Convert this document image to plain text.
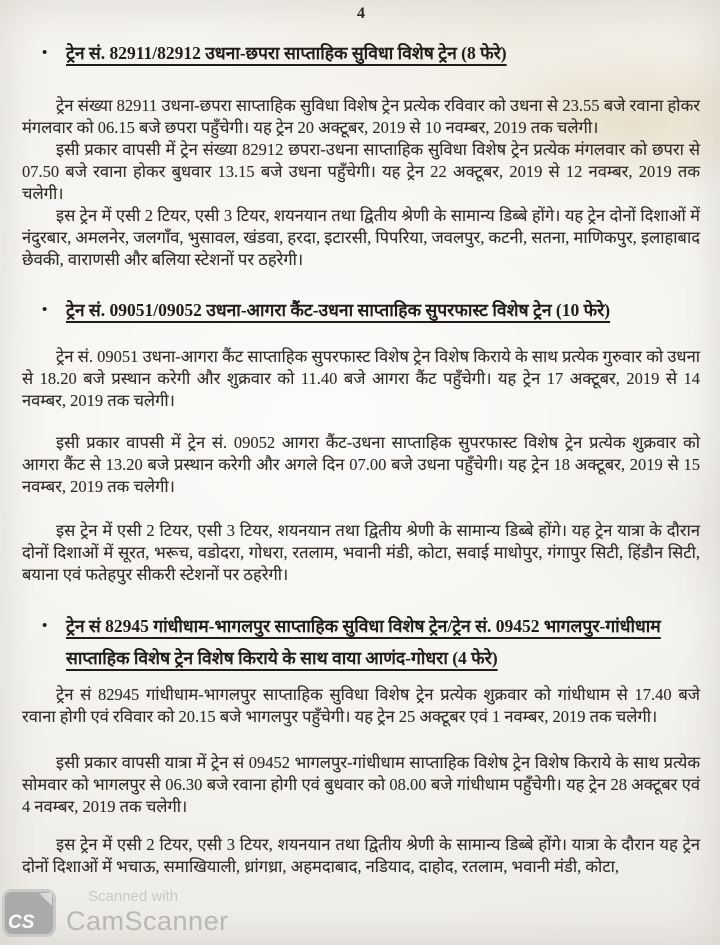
CS
Scanned with
CamScanner
4
•	ट्रेन सं. 82911/82912 उधना-छपरा साप्ताहिक सुविधा विशेष ट्रेन (8 फेरे)

ट्रेन संख्या 82911 उधना-छपरा साप्ताहिक सुविधा विशेष ट्रेन प्रत्येक रविवार को उधना से 23.55 बजे रवाना होकर मंगलवार को 06.15 बजे छपरा पहुँचेगी। यह ट्रेन 20 अक्टूबर, 2019 से 10 नवम्बर, 2019 तक चलेगी।

इसी प्रकार वापसी में ट्रेन संख्या 82912 छपरा-उधना साप्ताहिक सुविधा विशेष ट्रेन प्रत्येक मंगलवार को छपरा से 07.50 बजे रवाना होकर बुधवार 13.15 बजे उधना पहुँचेगी। यह ट्रेन 22 अक्टूबर, 2019 से 12 नवम्बर, 2019 तक चलेगी।

इस ट्रेन में एसी 2 टियर, एसी 3 टियर, शयनयान तथा द्वितीय श्रेणी के सामान्य डिब्बे होंगे। यह ट्रेन दोनों दिशाओं में नंदुरबार, अमलनेर, जलगाँव, भुसावल, खंडवा, हरदा, इटारसी, पिपरिया, जवलपुर, कटनी, सतना, माणिकपुर, इलाहाबाद छेवकी, वाराणसी और बलिया स्टेशनों पर ठहरेगी।

•	ट्रेन सं. 09051/09052 उधना-आगरा कैंट-उधना साप्ताहिक सुपरफास्ट विशेष ट्रेन (10 फेरे)

ट्रेन सं. 09051 उधना-आगरा कैंट साप्ताहिक सुपरफास्ट विशेष ट्रेन विशेष किराये के साथ प्रत्येक गुरुवार को उधना से 18.20 बजे प्रस्थान करेगी और शुक्रवार को 11.40 बजे आगरा कैंट पहुँचेगी। यह ट्रेन 17 अक्टूबर, 2019 से 14 नवम्बर, 2019 तक चलेगी।

इसी प्रकार वापसी में ट्रेन सं. 09052 आगरा कैंट-उधना साप्ताहिक सुपरफास्ट विशेष ट्रेन प्रत्येक शुक्रवार को आगरा कैंट से 13.20 बजे प्रस्थान करेगी और अगले दिन 07.00 बजे उधना पहुँचेगी। यह ट्रेन 18 अक्टूबर, 2019 से 15 नवम्बर, 2019 तक चलेगी।

इस ट्रेन में एसी 2 टियर, एसी 3 टियर, शयनयान तथा द्वितीय श्रेणी के सामान्य डिब्बे होंगे। यह ट्रेन यात्रा के दौरान दोनों दिशाओं में सूरत, भरूच, वडोदरा, गोधरा, रतलाम, भवानी मंडी, कोटा, सवाई माधोपुर, गंगापुर सिटी, हिंडौन सिटी, बयाना एवं फतेहपुर सीकरी स्टेशनों पर ठहरेगी।

•	ट्रेन सं 82945 गांधीधाम-भागलपुर साप्ताहिक सुविधा विशेष ट्रेन/ट्रेन सं. 09452 भागलपुर-गांधीधाम साप्ताहिक विशेष ट्रेन विशेष किराये के साथ वाया आणंद-गोधरा (4 फेरे)

ट्रेन सं 82945 गांधीधाम-भागलपुर साप्ताहिक सुविधा विशेष ट्रेन प्रत्येक शुक्रवार को गांधीधाम से 17.40 बजे रवाना होगी एवं रविवार को 20.15 बजे भागलपुर पहुँचेगी। यह ट्रेन 25 अक्टूबर एवं 1 नवम्बर, 2019 तक चलेगी।

इसी प्रकार वापसी यात्रा में ट्रेन सं 09452 भागलपुर-गांधीधाम साप्ताहिक विशेष ट्रेन विशेष किराये के साथ प्रत्येक सोमवार को भागलपुर से 06.30 बजे रवाना होगी एवं बुधवार को 08.00 बजे गांधीधाम पहुँचेगी। यह ट्रेन 28 अक्टूबर एवं 4 नवम्बर, 2019 तक चलेगी।

इस ट्रेन में एसी 2 टियर, एसी 3 टियर, शयनयान तथा द्वितीय श्रेणी के सामान्य डिब्बे होंगे। यात्रा के दौरान यह ट्रेन दोनों दिशाओं में भचाऊ, समाखियाली, ध्रांगध्रा, अहमदाबाद, नडियाद, दाहोद, रतलाम, भवानी मंडी, कोटा,
